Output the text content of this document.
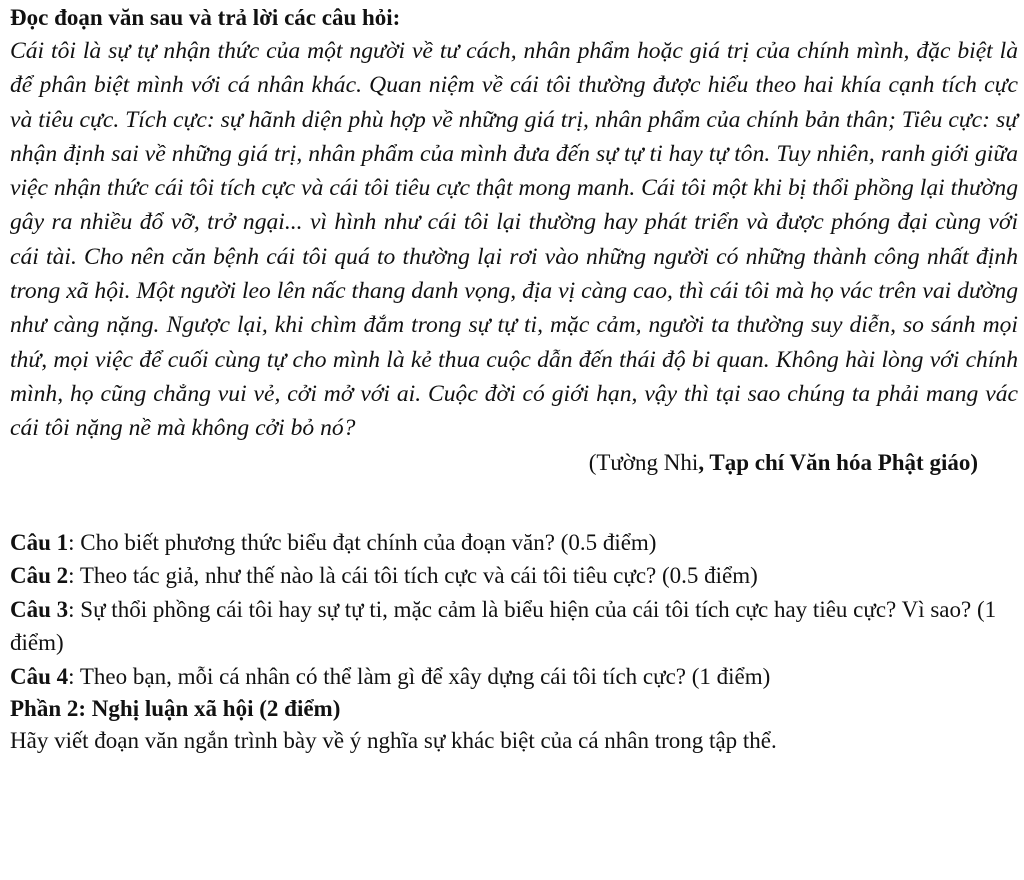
Đọc đoạn văn sau và trả lời các câu hỏi:

Cái tôi là sự tự nhận thức của một người về tư cách, nhân phẩm hoặc giá trị của chính mình, đặc biệt là để phân biệt mình với cá nhân khác. Quan niệm về cái tôi thường được hiểu theo hai khía cạnh tích cực và tiêu cực. Tích cực: sự hãnh diện phù hợp về những giá trị, nhân phẩm của chính bản thân; Tiêu cực: sự nhận định sai về những giá trị, nhân phẩm của mình đưa đến sự tự ti hay tự tôn. Tuy nhiên, ranh giới giữa việc nhận thức cái tôi tích cực và cái tôi tiêu cực thật mong manh. Cái tôi một khi bị thổi phồng lại thường gây ra nhiều đổ vỡ, trở ngại... vì hình như cái tôi lại thường hay phát triển và được phóng đại cùng với cái tài. Cho nên căn bệnh cái tôi quá to thường lại rơi vào những người có những thành công nhất định trong xã hội. Một người leo lên nấc thang danh vọng, địa vị càng cao, thì cái tôi mà họ vác trên vai dường như càng nặng. Ngược lại, khi chìm đắm trong sự tự ti, mặc cảm, người ta thường suy diễn, so sánh mọi thứ, mọi việc để cuối cùng tự cho mình là kẻ thua cuộc dẫn đến thái độ bi quan. Không hài lòng với chính mình, họ cũng chẳng vui vẻ, cởi mở với ai. Cuộc đời có giới hạn, vậy thì tại sao chúng ta phải mang vác cái tôi nặng nề mà không cởi bỏ nó?

(Tường Nhi, Tạp chí Văn hóa Phật giáo)

Câu 1: Cho biết phương thức biểu đạt chính của đoạn văn? (0.5 điểm)

Câu 2: Theo tác giả, như thế nào là cái tôi tích cực và cái tôi tiêu cực? (0.5 điểm)

Câu 3: Sự thổi phồng cái tôi hay sự tự ti, mặc cảm là biểu hiện của cái tôi tích cực hay tiêu cực? Vì sao? (1 điểm)

Câu 4: Theo bạn, mỗi cá nhân có thể làm gì để xây dựng cái tôi tích cực? (1 điểm)

Phần 2: Nghị luận xã hội (2 điểm)

Hãy viết đoạn văn ngắn trình bày về ý nghĩa sự khác biệt của cá nhân trong tập thể.
